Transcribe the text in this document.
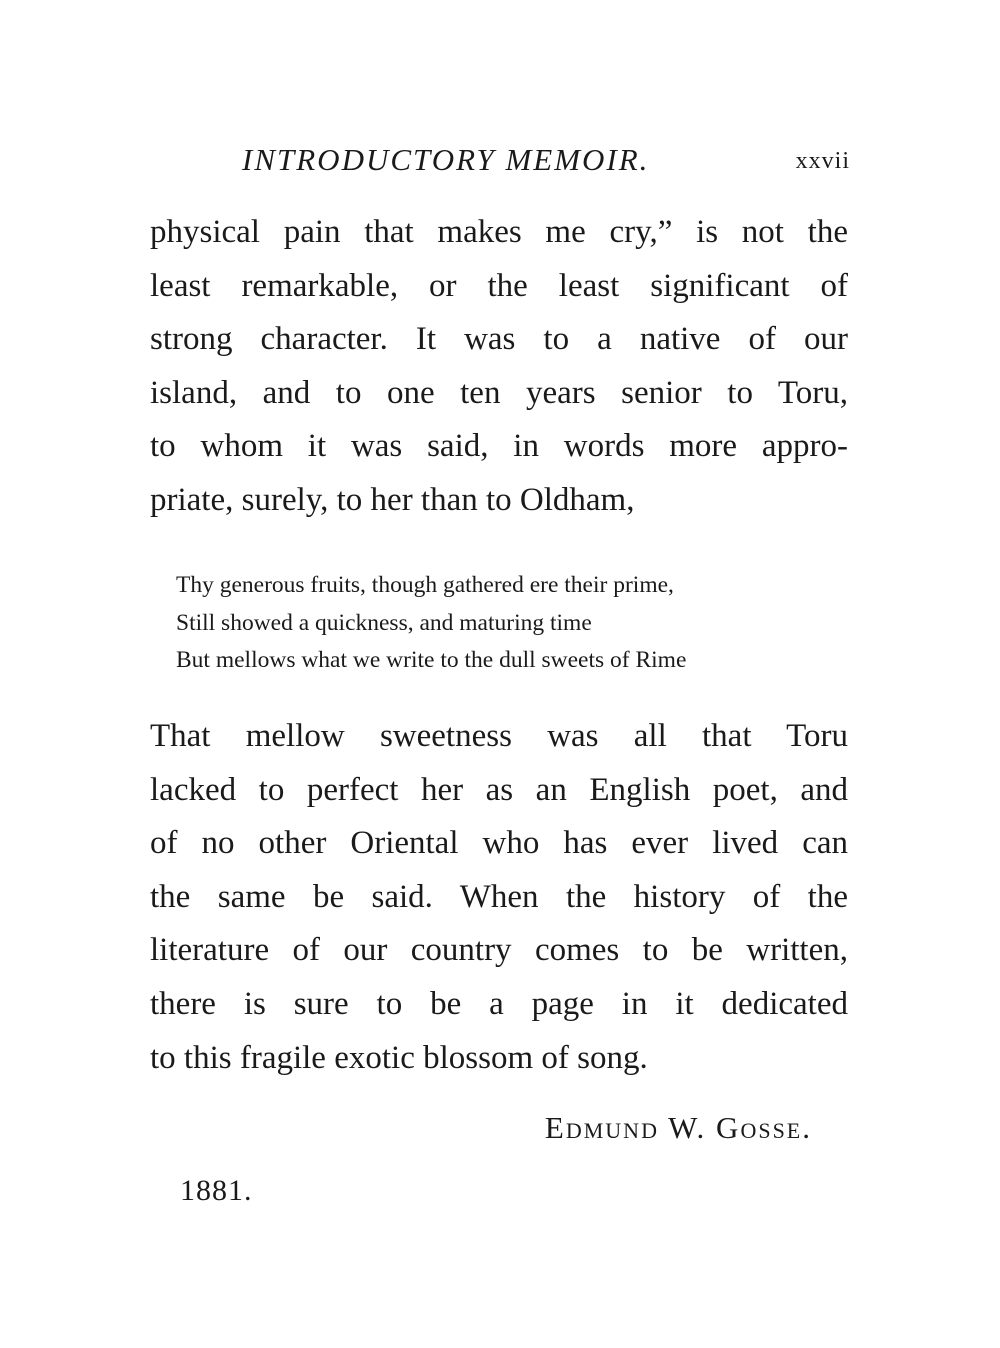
INTRODUCTORY MEMOIR.	xxvii
physical pain that makes me cry,” is not the
least remarkable, or the least significant of
strong character. It was to a native of our
island, and to one ten years senior to Toru,
to whom it was said, in words more appro-
priate, surely, to her than to Oldham,
Thy generous fruits, though gathered ere their prime,
Still showed a quickness, and maturing time
But mellows what we write to the dull sweets of Rime
That mellow sweetness was all that Toru
lacked to perfect her as an English poet, and
of no other Oriental who has ever lived can
the same be said. When the history of the
literature of our country comes to be written,
there is sure to be a page in it dedicated
to this fragile exotic blossom of song.
Edmund W. Gosse.
1881.
